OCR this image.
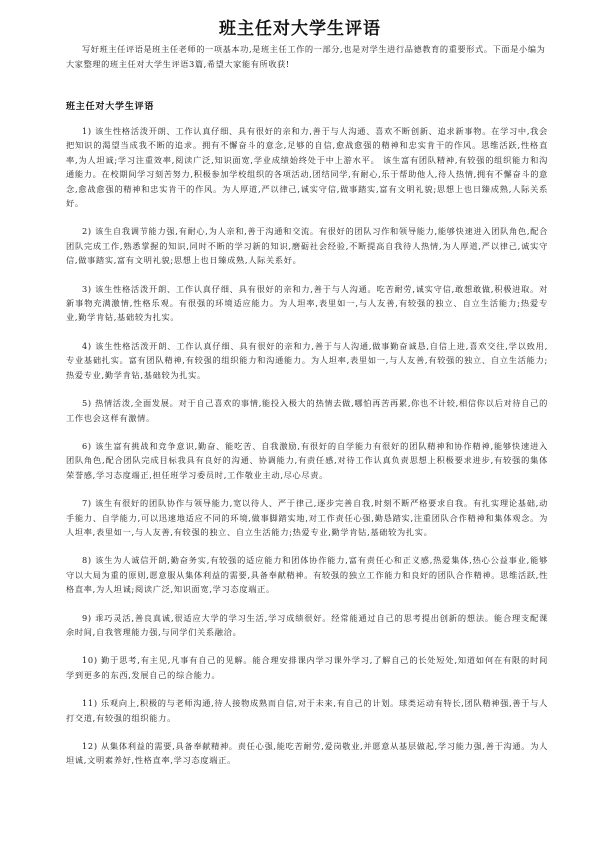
班主任对大学生评语
写好班主任评语是班主任老师的一项基本功,是班主任工作的一部分,也是对学生进行品德教育的重要形式。下面是小编为大家整理的班主任对大学生评语3篇,希望大家能有所收获!
班主任对大学生评语

1) 该生性格活泼开朗、工作认真仔细、具有很好的亲和力,善于与人沟通、喜欢不断创新、追求新事物。在学习中,我会把知识的渴望当成我不断的追求。拥有不懈奋斗的意念,足够的自信,愈战愈强的精神和忠实肯干的作风。思维活跃,性格直率,为人坦诚;学习注重效率,阅读广泛,知识面宽,学业成绩始终处于中上游水平。 该生富有团队精神,有较强的组织能力和沟通能力。在校期间学习刻苦努力,积极参加学校组织的各项活动,团结同学,有耐心,乐于帮助他人,待人热情,拥有不懈奋斗的意念,愈战愈强的精神和忠实肯干的作风。为人厚道,严以律己,诚实守信,做事踏实,富有文明礼貌;思想上也日臻成熟,人际关系好。

2) 该生自我调节能力强,有耐心,为人亲和,善于沟通和交流。有很好的团队习作和领导能力,能够快速进入团队角色,配合团队完成工作,熟悉掌握的知识,同时不断的学习新的知识,磨砺社会经验,不断提高自我待人热情,为人厚道,严以律己,诚实守信,做事踏实,富有文明礼貌;思想上也日臻成熟,人际关系好。

3) 该生性格活泼开朗、工作认真仔细、具有很好的亲和力,善于与人沟通。吃苦耐劳,诚实守信,敢想敢做,积极进取。对新事物充满激情,性格乐观。有很强的环境适应能力。为人坦率,表里如一,与人友善,有较强的独立、自立生活能力;热爱专业,勤学肯钻,基础较为扎实。

4) 该生性格活泼开朗、工作认真仔细、具有很好的亲和力,善于与人沟通,做事勤奋诚恳,自信上进,喜欢交往,学以致用,专业基础扎实。富有团队精神,有较强的组织能力和沟通能力。为人坦率,表里如一,与人友善,有较强的独立、自立生活能力;热爱专业,勤学肯钻,基础较为扎实。

5) 热情活泼,全面发展。对于自己喜欢的事情,能投入极大的热情去做,哪怕再苦再累,你也不计较,相信你以后对待自己的工作也会这样有激情。

6) 该生富有挑战和竞争意识,勤奋、能吃苦、自我激励,有很好的自学能力有很好的团队精神和协作精神,能够快速进入团队角色,配合团队完成目标我具有良好的沟通、协调能力,有责任感,对待工作认真负责思想上积极要求进步,有较强的集体荣誉感,学习态度端正,担任班学习委员时,工作敬业主动,尽心尽责。

7) 该生有很好的团队协作与领导能力,宽以待人、严于律己,逐步完善自我,时刻不断严格要求自我。有扎实理论基础,动手能力、自学能力,可以迅速地适应不同的环境,做事脚踏实地,对工作责任心强,勤恳踏实,注重团队合作精神和集体观念。为人坦率,表里如一,与人友善,有较强的独立、自立生活能力;热爱专业,勤学肯钻,基础较为扎实。

8) 该生为人诚信开朗,勤奋务实,有较强的适应能力和团体协作能力,富有责任心和正义感,热爱集体,热心公益事业,能够守以大局为重的原则,愿意服从集体利益的需要,具备奉献精神。有较强的独立工作能力和良好的团队合作精神。思维活跃,性格直率,为人坦诚;阅读广泛,知识面宽,学习态度端正。

9) 乖巧灵活,善良真诚,很适应大学的学习生活,学习成绩很好。经常能通过自己的思考提出创新的想法。能合理支配课余时间,自我管理能力强,与同学们关系融洽。

10) 勤于思考,有主见,凡事有自己的见解。能合理安排课内学习课外学习,了解自己的长处短处,知道如何在有限的时间学到更多的东西,发展自己的综合能力。

11) 乐观向上,积极的与老师沟通,待人接物成熟而自信,对于未来,有自己的计划。球类运动有特长,团队精神强,善于与人打交道,有较强的组织能力。

12) 从集体利益的需要,具备奉献精神。责任心强,能吃苦耐劳,爱岗敬业,并愿意从基层做起,学习能力强,善于沟通。为人坦诚,文明素养好,性格直率,学习态度端正。
